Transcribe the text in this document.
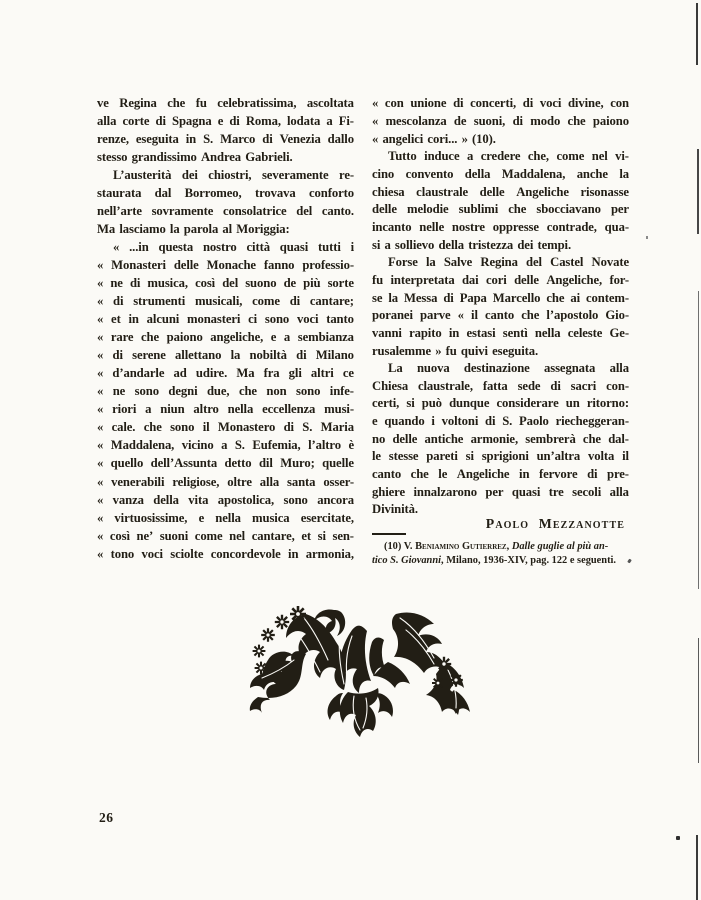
ve Regina che fu celebratissima, ascoltata
alla corte di Spagna e di Roma, lodata a Fi-
renze, eseguita in S. Marco di Venezia dallo
stesso grandissimo Andrea Gabrieli.
L’austerità dei chiostri, severamente re-
staurata dal Borromeo, trovava conforto
nell’arte sovramente consolatrice del canto.
Ma lasciamo la parola al Moriggia:
« ...in questa nostro città quasi tutti i
« Monasteri delle Monache fanno professio-
« ne di musica, così del suono de più sorte
« di strumenti musicali, come di cantare;
« et in alcuni monasteri ci sono voci tanto
« rare che paiono angeliche, e a sembianza
« di serene allettano la nobiltà di Milano
« d’andarle ad udire. Ma fra gli altri ce
« ne sono degni due, che non sono infe-
« riori a niun altro nella eccellenza musi-
« cale. che sono il Monastero di S. Maria
« Maddalena, vicino a S. Eufemia, l’altro è
« quello dell’Assunta detto dil Muro; quelle
« venerabili religiose, oltre alla santa osser-
« vanza della vita apostolica, sono ancora
« virtuosissime, e nella musica esercitate,
« così ne’ suoni come nel cantare, et si sen-
« tono voci sciolte concordevole in armonia,
« con unione di concerti, di voci divine, con
« mescolanza de suoni, di modo che paiono
« angelici cori... » (10).
Tutto induce a credere che, come nel vi-
cino convento della Maddalena, anche la
chiesa claustrale delle Angeliche risonasse
delle melodie sublimi che sbocciavano per
incanto nelle nostre oppresse contrade, qua-
si a sollievo della tristezza dei tempi.
Forse la Salve Regina del Castel Novate
fu interpretata dai cori delle Angeliche, for-
se la Messa di Papa Marcello che ai contem-
poranei parve « il canto che l’apostolo Gio-
vanni rapito in estasi sentì nella celeste Ge-
rusalemme » fu quivi eseguita.
La nuova destinazione assegnata alla
Chiesa claustrale, fatta sede di sacri con-
certi, si può dunque considerare un ritorno:
e quando i voltoni di S. Paolo riecheggeran-
no delle antiche armonie, sembrerà che dal-
le stesse pareti si sprigioni un’altra volta il
canto che le Angeliche in fervore di pre-
ghiere innalzarono per quasi tre secoli alla
Divinità.
Paolo Mezzanotte
(10) V. Beniamino Gutierrez, Dalle guglie al più an-
tico S. Giovanni, Milano, 1936-XIV, pag. 122 e seguenti.
26
